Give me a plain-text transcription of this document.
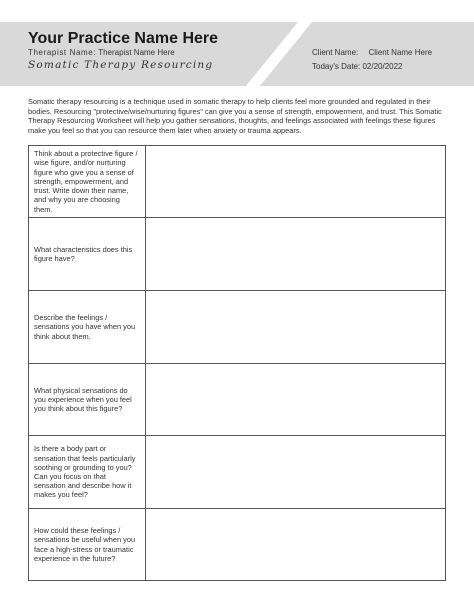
Your Practice Name Here
Therapist Name: Therapist Name Here
Somatic Therapy Resourcing
Client Name: Client Name Here
Today's Date: 02/20/2022
Somatic therapy resourcing is a technique used in somatic therapy to help clients feel more grounded and regulated in their bodies. Resourcing "protective/wise/nurturing figures" can give you a sense of strength, empowerment, and trust. This Somatic Therapy Resourcing Worksheet will help you gather sensations, thoughts, and feelings associated with feelings these figures make you feel so that you can resource them later when anxiety or trauma appears.
Think about a protective figure / wise figure, and/or nurturing figure who give you a sense of strength, empowerment, and trust. Write down their name, and why you are choosing them.	

What characteristics does this figure have?	

Describe the feelings / sensations you have when you think about them.	

What physical sensations do you experience when you feel you think about this figure?	

Is there a body part or sensation that feels particularly soothing or grounding to you? Can you focus on that sensation and describe how it makes you feel?	

How could these feelings / sensations be useful when you face a high-stress or traumatic experience in the future?	
